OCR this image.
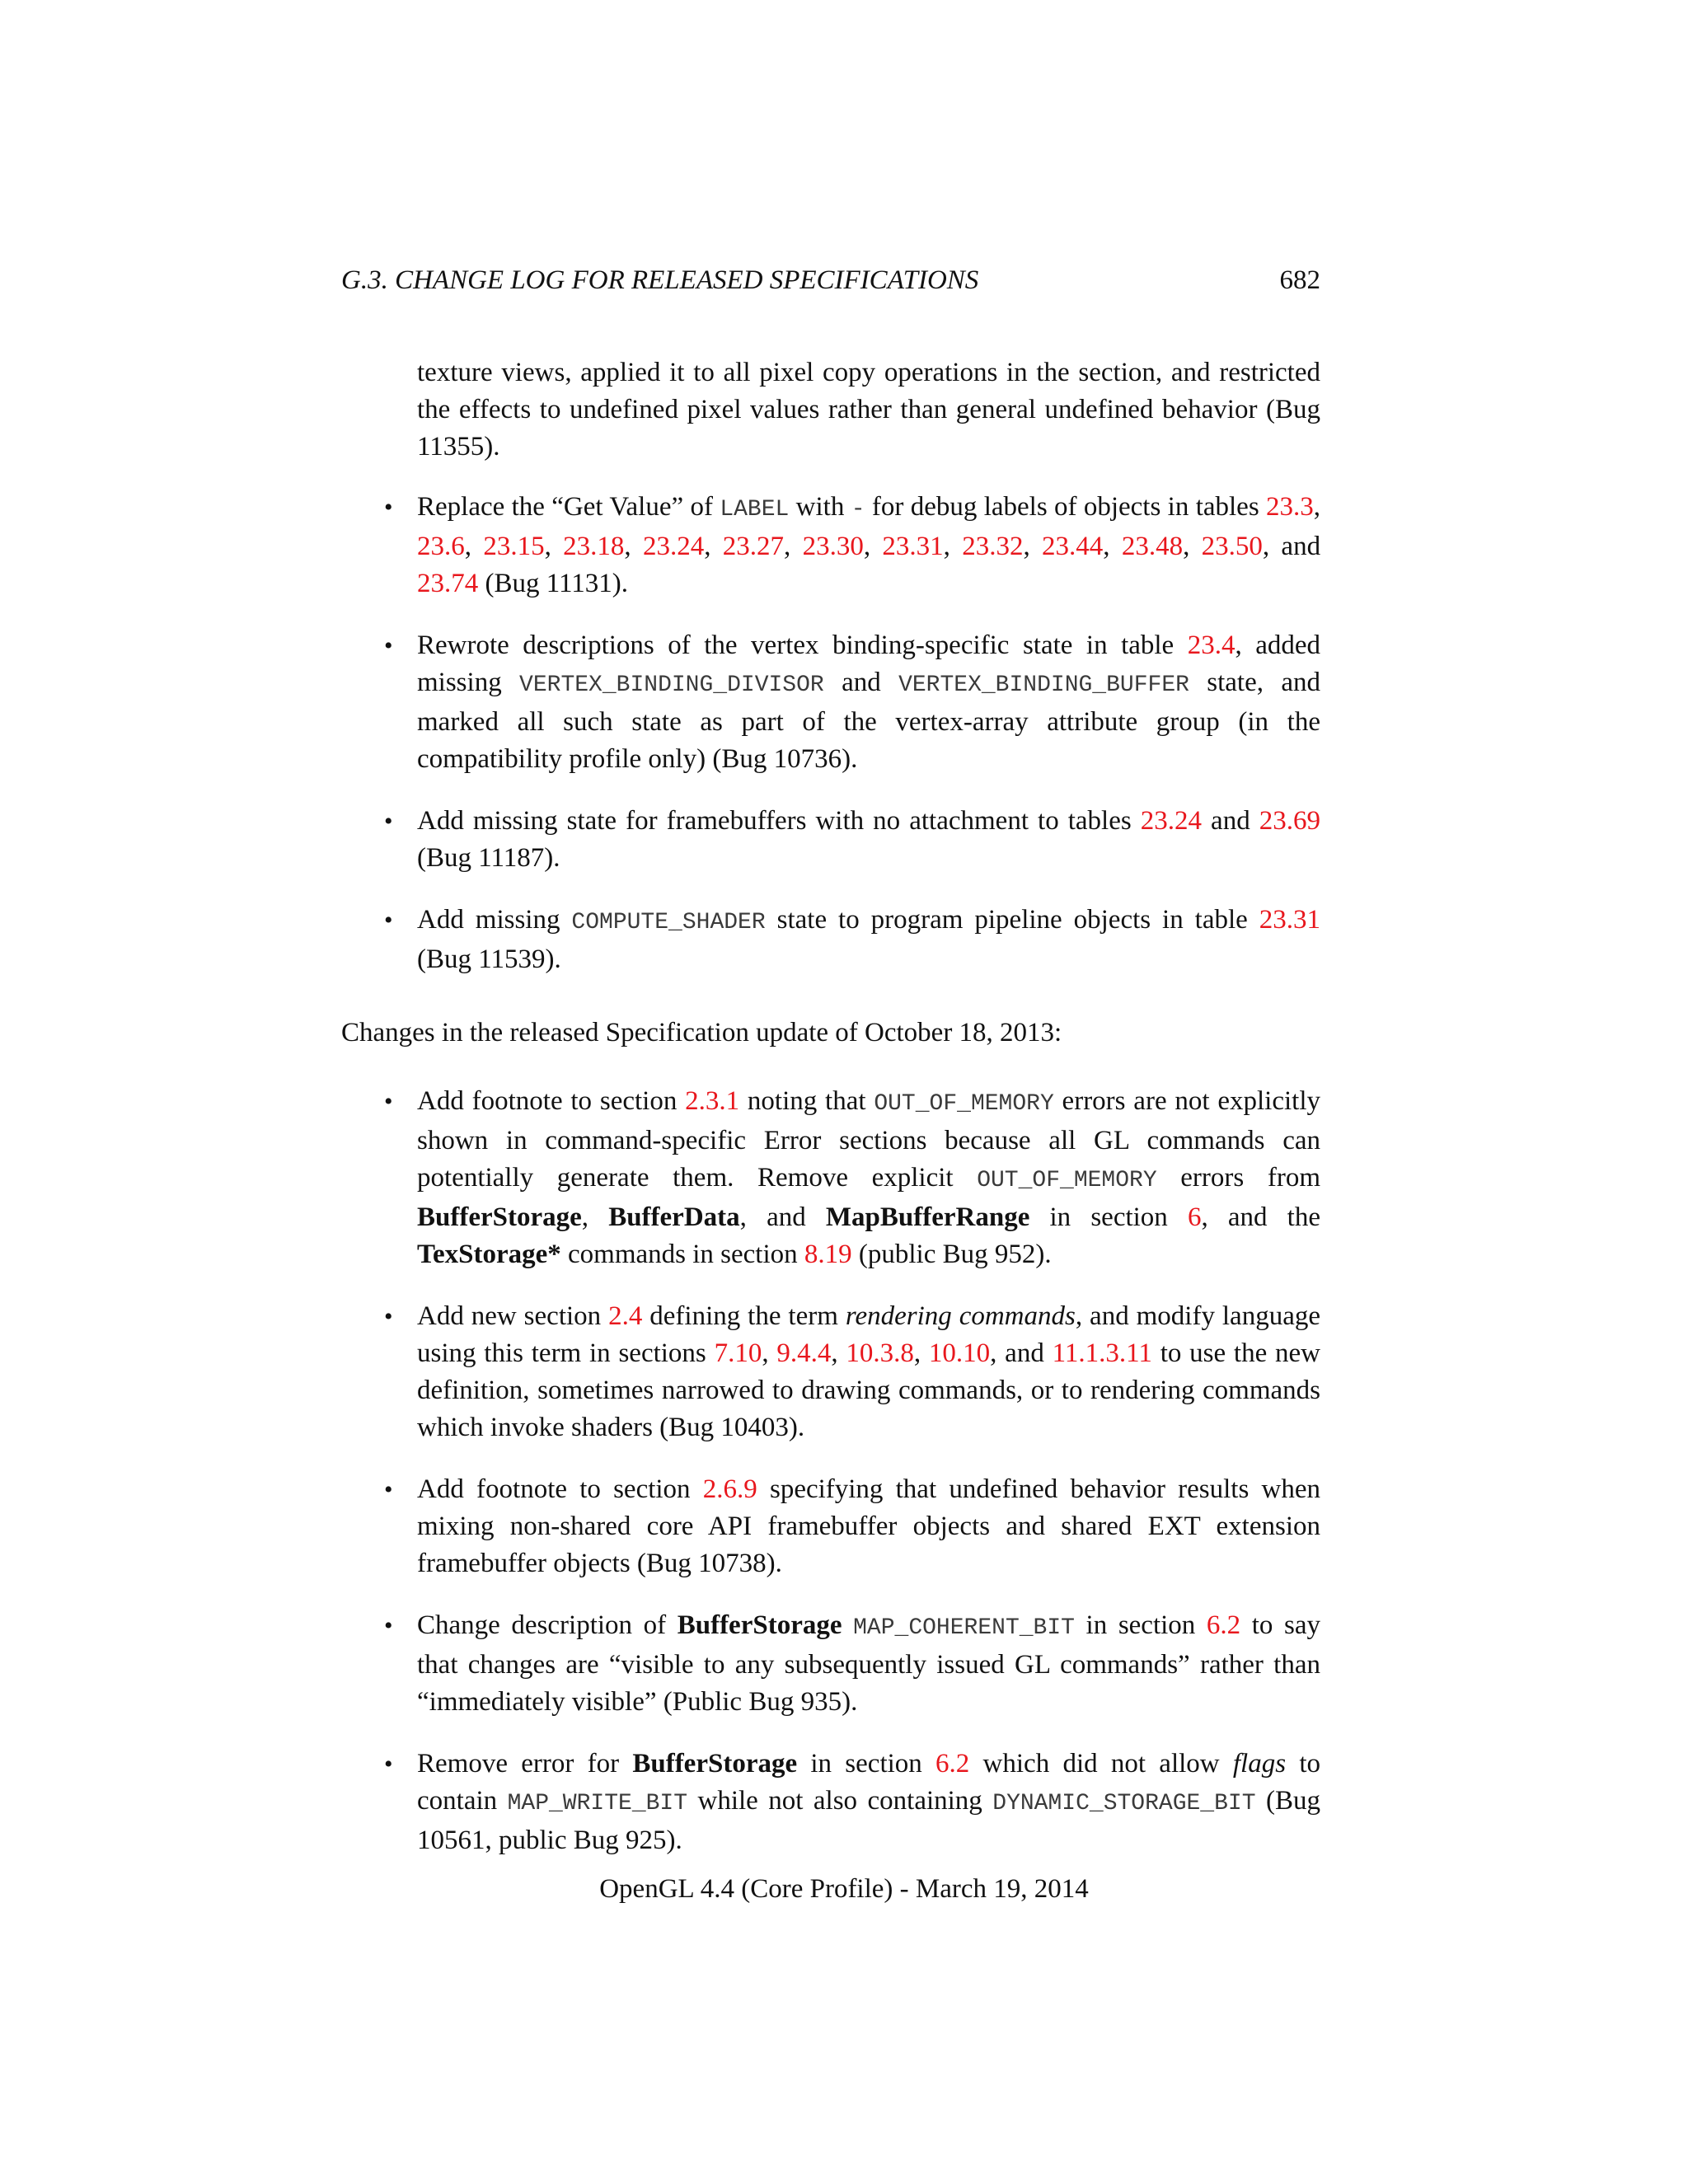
G.3. CHANGE LOG FOR RELEASED SPECIFICATIONS	682

texture views, applied it to all pixel copy operations in the section, and restricted the effects to undefined pixel values rather than general undefined behavior (Bug 11355).

• Replace the “Get Value” of LABEL with - for debug labels of objects in tables 23.3, 23.6, 23.15, 23.18, 23.24, 23.27, 23.30, 23.31, 23.32, 23.44, 23.48, 23.50, and 23.74 (Bug 11131).
• Rewrote descriptions of the vertex binding-specific state in table 23.4, added missing VERTEX_BINDING_DIVISOR and VERTEX_BINDING_BUFFER state, and marked all such state as part of the vertex-array attribute group (in the compatibility profile only) (Bug 10736).
• Add missing state for framebuffers with no attachment to tables 23.24 and 23.69 (Bug 11187).
• Add missing COMPUTE_SHADER state to program pipeline objects in table 23.31 (Bug 11539).

Changes in the released Specification update of October 18, 2013:

• Add footnote to section 2.3.1 noting that OUT_OF_MEMORY errors are not explicitly shown in command-specific Error sections because all GL commands can potentially generate them. Remove explicit OUT_OF_MEMORY errors from BufferStorage, BufferData, and MapBufferRange in section 6, and the TexStorage* commands in section 8.19 (public Bug 952).
• Add new section 2.4 defining the term rendering commands, and modify language using this term in sections 7.10, 9.4.4, 10.3.8, 10.10, and 11.1.3.11 to use the new definition, sometimes narrowed to drawing commands, or to rendering commands which invoke shaders (Bug 10403).
• Add footnote to section 2.6.9 specifying that undefined behavior results when mixing non-shared core API framebuffer objects and shared EXT extension framebuffer objects (Bug 10738).
• Change description of BufferStorage MAP_COHERENT_BIT in section 6.2 to say that changes are “visible to any subsequently issued GL commands” rather than “immediately visible” (Public Bug 935).
• Remove error for BufferStorage in section 6.2 which did not allow flags to contain MAP_WRITE_BIT while not also containing DYNAMIC_STORAGE_BIT (Bug 10561, public Bug 925).
OpenGL 4.4 (Core Profile) - March 19, 2014
